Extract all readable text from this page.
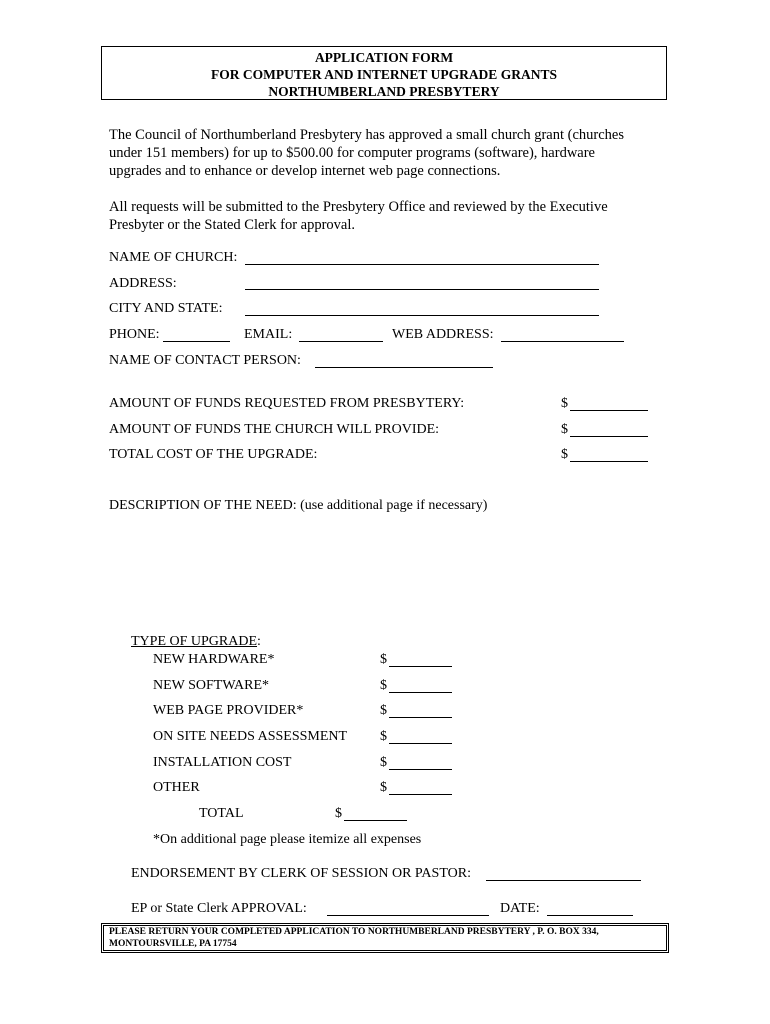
APPLICATION FORM
FOR COMPUTER AND INTERNET UPGRADE GRANTS
NORTHUMBERLAND PRESBYTERY
The Council of Northumberland Presbytery has approved a small church grant (churches
under 151 members) for up to $500.00 for computer programs (software), hardware
upgrades and to enhance or develop internet web page connections.
All requests will be submitted to the Presbytery Office and reviewed by the Executive
Presbyter or the Stated Clerk for approval.
NAME OF CHURCH:
ADDRESS:
CITY AND STATE:
PHONE:	EMAIL:	WEB ADDRESS:
NAME OF CONTACT PERSON:
AMOUNT OF FUNDS REQUESTED FROM PRESBYTERY:	$
AMOUNT OF FUNDS THE CHURCH WILL PROVIDE:	$
TOTAL COST OF THE UPGRADE:	$
DESCRIPTION OF THE NEED: (use additional page if necessary)
TYPE OF UPGRADE:
NEW HARDWARE*	$
NEW SOFTWARE*	$
WEB PAGE PROVIDER*	$
ON SITE NEEDS ASSESSMENT $
INSTALLATION COST	$
OTHER	$
TOTAL	$
*On additional page please itemize all expenses
ENDORSEMENT BY CLERK OF SESSION OR PASTOR:
EP or State Clerk APPROVAL:	DATE:
PLEASE RETURN YOUR COMPLETED APPLICATION TO NORTHUMBERLAND PRESBYTERY , P. O. BOX 334,
MONTOURSVILLE, PA 17754
